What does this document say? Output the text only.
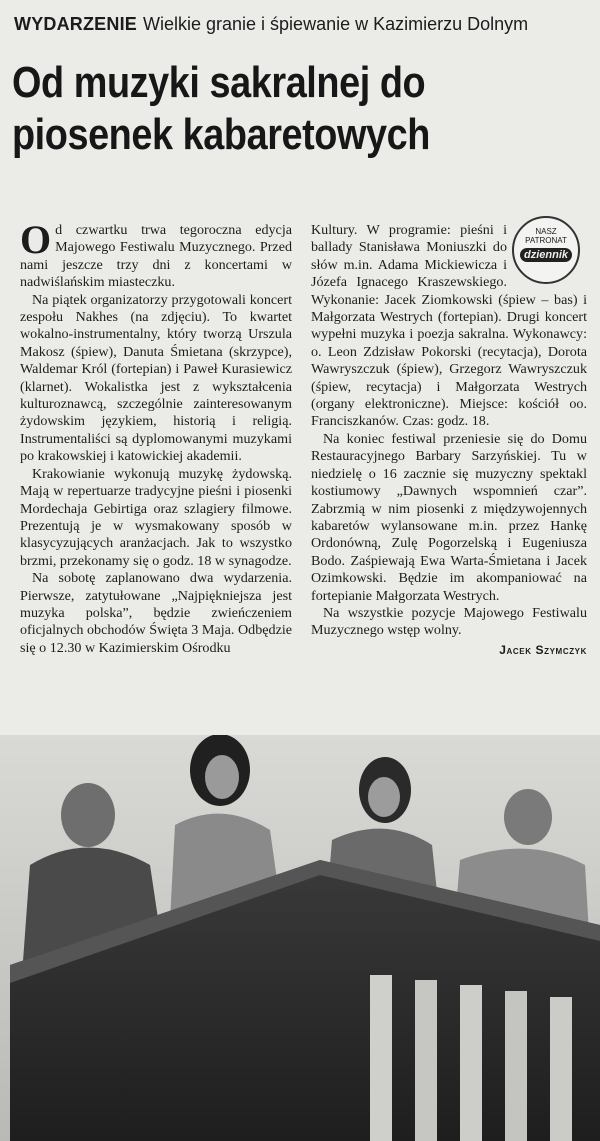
WYDARZENIE Wielkie granie i śpiewanie w Kazimierzu Dolnym
Od muzyki sakralnej do
piosenek kabaretowych

Od czwartku trwa tegoroczna edycja Majowego Festiwalu Muzycznego. Przed nami jeszcze trzy dni z koncertami w nadwiślańskim miasteczku.

Na piątek organizatorzy przygotowali koncert zespołu Nakhes (na zdjęciu). To kwartet wokalno-instrumentalny, który tworzą Urszula Makosz (śpiew), Danuta Śmietana (skrzypce), Waldemar Król (fortepian) i Paweł Kurasiewicz (klarnet). Wokalistka jest z wykształcenia kulturoznawcą, szczególnie zainteresowanym żydowskim językiem, historią i religią. Instrumentaliści są dyplomowanymi muzykami po krakowskiej i katowickiej akademii.

Krakowianie wykonują muzykę żydowską. Mają w repertuarze tradycyjne pieśni i piosenki Mordechaja Gebirtiga oraz szlagiery filmowe. Prezentują je w wysmakowany sposób w klasycyzujących aranżacjach. Jak to wszystko brzmi, przekonamy się o godz. 18 w synagodze.

Na sobotę zaplanowano dwa wydarzenia. Pierwsze, zatytułowane „Najpiękniejsza jest muzyka polska”, będzie zwieńczeniem oficjalnych obchodów Święta 3 Maja. Odbędzie się o 12.30 w Kazimierskim Ośrodku

Kultury. W programie: pieśni i ballady Stanisława Moniuszki do słów m.in. Adama Mickiewicza i Józefa Ignacego Kraszewskiego. Wykonanie: Jacek Ziomkowski (śpiew – bas) i Małgorzata Westrych (fortepian). Drugi koncert wypełni muzyka i poezja sakralna. Wykonawcy: o. Leon Zdzisław Pokorski (recytacja), Dorota Wawryszczuk (śpiew), Grzegorz Wawryszczuk (śpiew, recytacja) i Małgorzata Westrych (organy elektroniczne). Miejsce: kościół oo. Franciszkanów. Czas: godz. 18.

Na koniec festiwal przeniesie się do Domu Restauracyjnego Barbary Sarzyńskiej. Tu w niedzielę o 16 zacznie się muzyczny spektakl kostiumowy „Dawnych wspomnień czar”. Zabrzmią w nim piosenki z międzywojennych kabaretów wylansowane m.in. przez Hankę Ordonówną, Zulę Pogorzelską i Eugeniusza Bodo. Zaśpiewają Ewa Warta-Śmietana i Jacek Ozimkowski. Będzie im akompaniować na fortepianie Małgorzata Westrych.

Na wszystkie pozycje Majowego Festiwalu Muzycznego wstęp wolny.

Jacek Szymczyk
NASZ
PATRONAT
dziennik
